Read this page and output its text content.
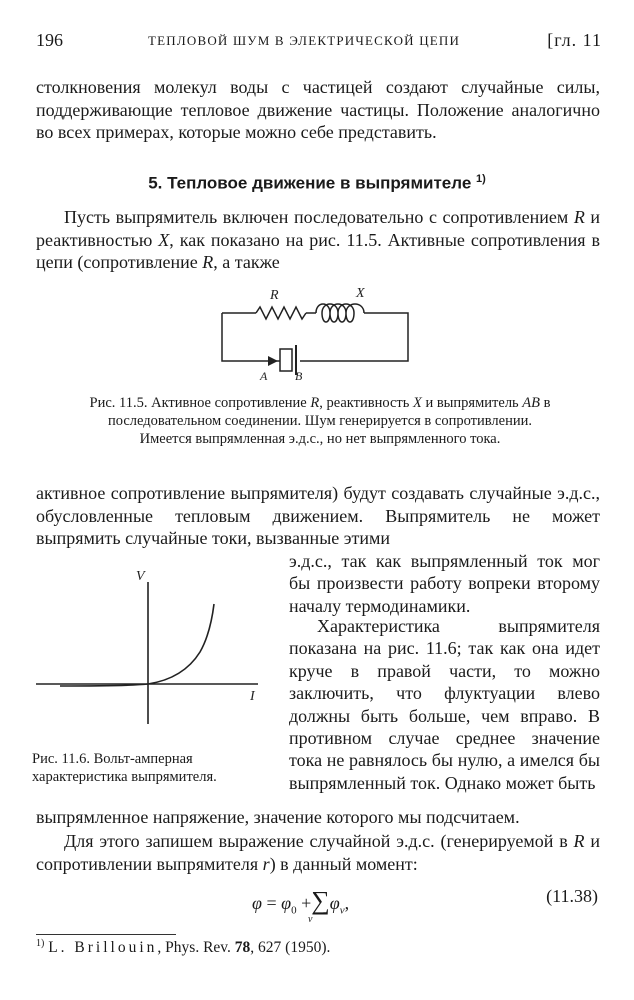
196	ТЕПЛОВОЙ ШУМ В ЭЛЕКТРИЧЕСКОЙ ЦЕПИ	[гл. 11

столкновения молекул воды с частицей создают случайные силы, поддерживающие тепловое движение частицы. Положение аналогично во всех примерах, которые можно себе представить.

5. Тепловое движение в выпрямителе $^{1)}$

Пусть выпрямитель включен последовательно с сопротивлением R и реактивностью X, как показано на рис. 11.5. Активные сопротивления в цепи (сопротивление R, а также

R	X
A B

Рис. 11.5. Активное сопротивление R, реактивность X и выпрямитель AB в последовательном соединении. Шум генерируется в сопротивлении. Имеется выпрямленная э.д.с., но нет выпрямленного тока.

активное сопротивление выпрямителя) будут создавать случайные э.д.с., обусловленные тепловым движением. Выпрямитель не может выпрямить случайные токи, вызванные этими

э.д.с., так как выпрямленный ток мог бы произвести работу вопреки второму началу термодинамики.

Характеристика выпрямителя показана на рис. 11.6; так как она идет круче в правой части, то можно заключить, что флуктуации влево должны быть больше, чем вправо. В противном случае среднее значение тока не равнялось бы нулю, а имелся бы выпрямленный ток. Однако может быть

V
I

Рис. 11.6. Вольт-амперная характеристика выпрямителя.

выпрямленное напряжение, значение которого мы подсчитаем.

Для этого запишем выражение случайной э.д.с. (генерируемой в R и сопротивлении выпрямителя r) в данный момент:

$\varphi = \varphi_0 +\sum\varphi_\nu$,
ν
(11.38)
$^{1)}$ L. Brillouin, Phys. Rev. 78, 627 (1950).
